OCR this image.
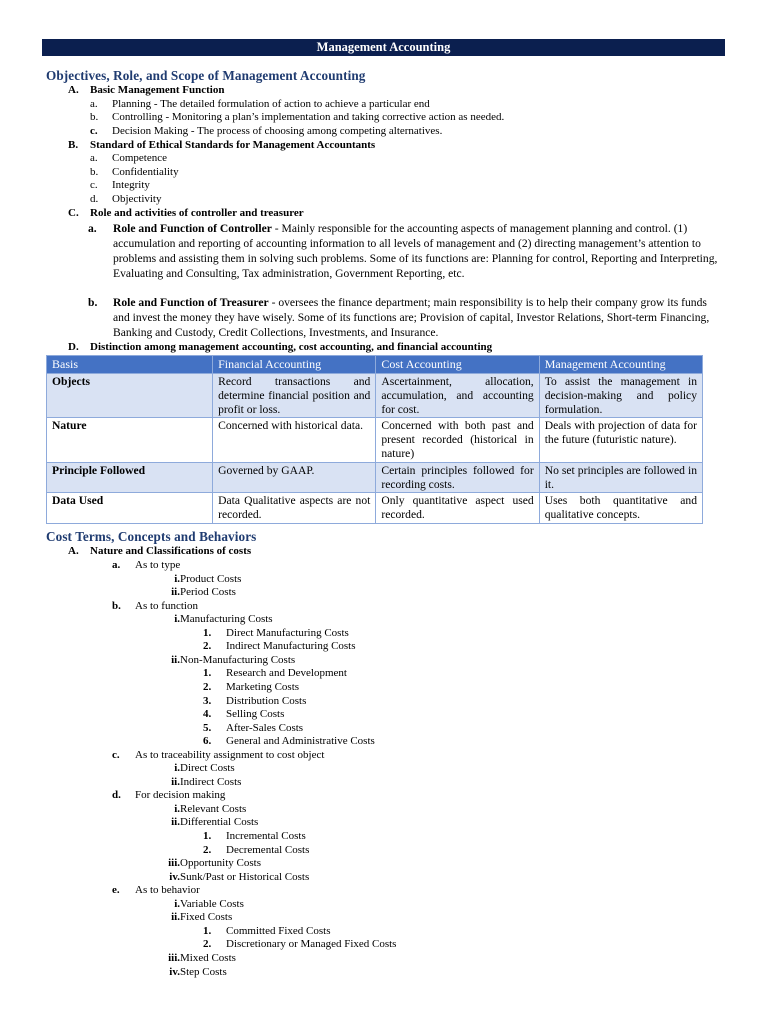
Management Accounting
Objectives, Role, and Scope of Management Accounting
A. Basic Management Function
a. Planning - The detailed formulation of action to achieve a particular end
b. Controlling - Monitoring a plan’s implementation and taking corrective action as needed.
c. Decision Making - The process of choosing among competing alternatives.
B. Standard of Ethical Standards for Management Accountants
a. Competence
b. Confidentiality
c. Integrity
d. Objectivity
C. Role and activities of controller and treasurer
a.	Role and Function of Controller - Mainly responsible for the accounting aspects of management planning and control. (1) accumulation and reporting of accounting information to all levels of management and (2) directing management’s attention to problems and assisting them in solving such problems. Some of its functions are: Planning for control, Reporting and Interpreting, Evaluating and Consulting, Tax administration, Government Reporting, etc.
b.	Role and Function of Treasurer - oversees the finance department; main responsibility is to help their company grow its funds and invest the money they have wisely. Some of its functions are; Provision of capital, Investor Relations, Short-term Financing, Banking and Custody, Credit Collections, Investments, and Insurance.
D. Distinction among management accounting, cost accounting, and financial accounting
Basis	Financial Accounting	Cost Accounting	Management Accounting
Objects	Record transactions and determine financial position and profit or loss.	Ascertainment, allocation, accumulation, and accounting for cost.	To assist the management in decision-making and policy formulation.
Nature	Concerned with historical data.	Concerned with both past and present recorded (historical in nature)	Deals with projection of data for the future (futuristic nature).
Principle Followed	Governed by GAAP.	Certain principles followed for recording costs.	No set principles are followed in it.
Data Used	Data Qualitative aspects are not recorded.	Only quantitative aspect used recorded.	Uses both quantitative and qualitative concepts.
Cost Terms, Concepts and Behaviors
A. Nature and Classifications of costs
a.	As to type
i. Product Costs
ii. Period Costs
b.	As to function
i. Manufacturing Costs
1.	Direct Manufacturing Costs
2.	Indirect Manufacturing Costs
ii. Non-Manufacturing Costs
1.	Research and Development
2.	Marketing Costs
3.	Distribution Costs
4.	Selling Costs
5.	After-Sales Costs
6.	General and Administrative Costs
c.	As to traceability assignment to cost object
i. Direct Costs
ii. Indirect Costs
d.	For decision making
i. Relevant Costs
ii. Differential Costs
1.	Incremental Costs
2.	Decremental Costs
iii. Opportunity Costs
iv. Sunk/Past or Historical Costs
e.	As to behavior
i. Variable Costs
ii. Fixed Costs
1.	Committed Fixed Costs
2.	Discretionary or Managed Fixed Costs
iii. Mixed Costs
iv. Step Costs
